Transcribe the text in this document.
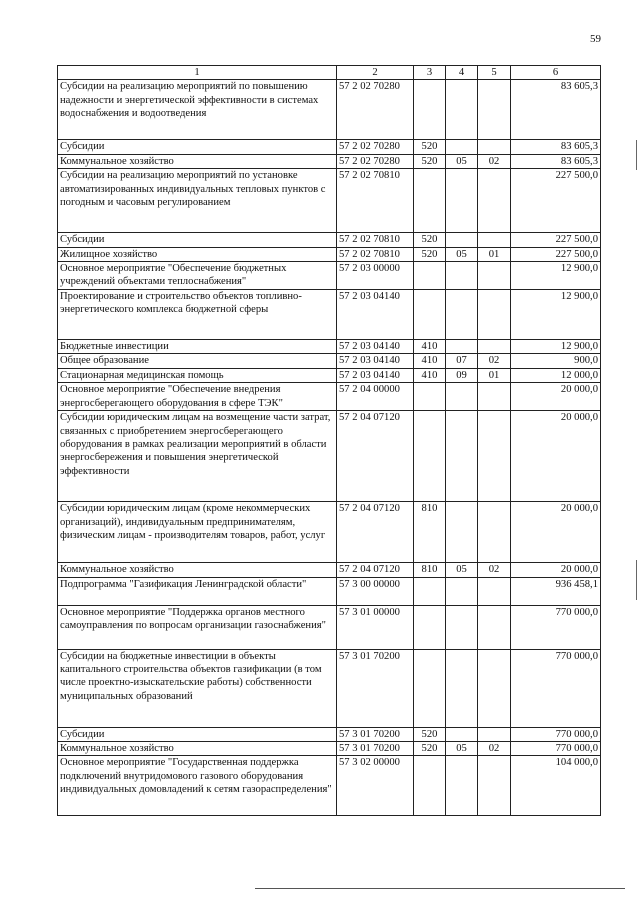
59
1	2	3	4	5	6
Субсидии на реализацию мероприятий по повышению надежности и энергетической эффективности в системах водоснабжения и водоотведения	57 2 02 70280				83 605,3
Субсидии	57 2 02 70280	520			83 605,3
Коммунальное хозяйство	57 2 02 70280	520	05	02	83 605,3
Субсидии на реализацию мероприятий по установке автоматизированных индивидуальных тепловых пунктов с погодным и часовым регулированием	57 2 02 70810				227 500,0
Субсидии	57 2 02 70810	520			227 500,0
Жилищное хозяйство	57 2 02 70810	520	05	01	227 500,0
Основное мероприятие "Обеспечение бюджетных учреждений объектами теплоснабжения"	57 2 03 00000				12 900,0
Проектирование и строительство объектов топливно-энергетического комплекса бюджетной сферы	57 2 03 04140				12 900,0
Бюджетные инвестиции	57 2 03 04140	410			12 900,0
Общее образование	57 2 03 04140	410	07	02	900,0
Стационарная медицинская помощь	57 2 03 04140	410	09	01	12 000,0
Основное мероприятие "Обеспечение внедрения энергосберегающего оборудования в сфере ТЭК"	57 2 04 00000				20 000,0
Субсидии юридическим лицам на возмещение части затрат, связанных с приобретением энергосберегающего оборудования в рамках реализации мероприятий в области энергосбережения и повышения энергетической эффективности	57 2 04 07120				20 000,0
Субсидии юридическим лицам (кроме некоммерческих организаций), индивидуальным предпринимателям, физическим лицам - производителям товаров, работ, услуг	57 2 04 07120	810			20 000,0
Коммунальное хозяйство	57 2 04 07120	810	05	02	20 000,0
Подпрограмма "Газификация Ленинградской области"	57 3 00 00000				936 458,1
Основное мероприятие "Поддержка органов местного самоуправления по вопросам организации газоснабжения"	57 3 01 00000				770 000,0
Субсидии на бюджетные инвестиции в объекты капитального строительства объектов газификации (в том числе проектно-изыскательские работы) собственности муниципальных образований	57 3 01 70200				770 000,0
Субсидии	57 3 01 70200	520			770 000,0
Коммунальное хозяйство	57 3 01 70200	520	05	02	770 000,0
Основное мероприятие "Государственная поддержка подключений внутридомового газового оборудования индивидуальных домовладений к сетям газораспределения"	57 3 02 00000				104 000,0
